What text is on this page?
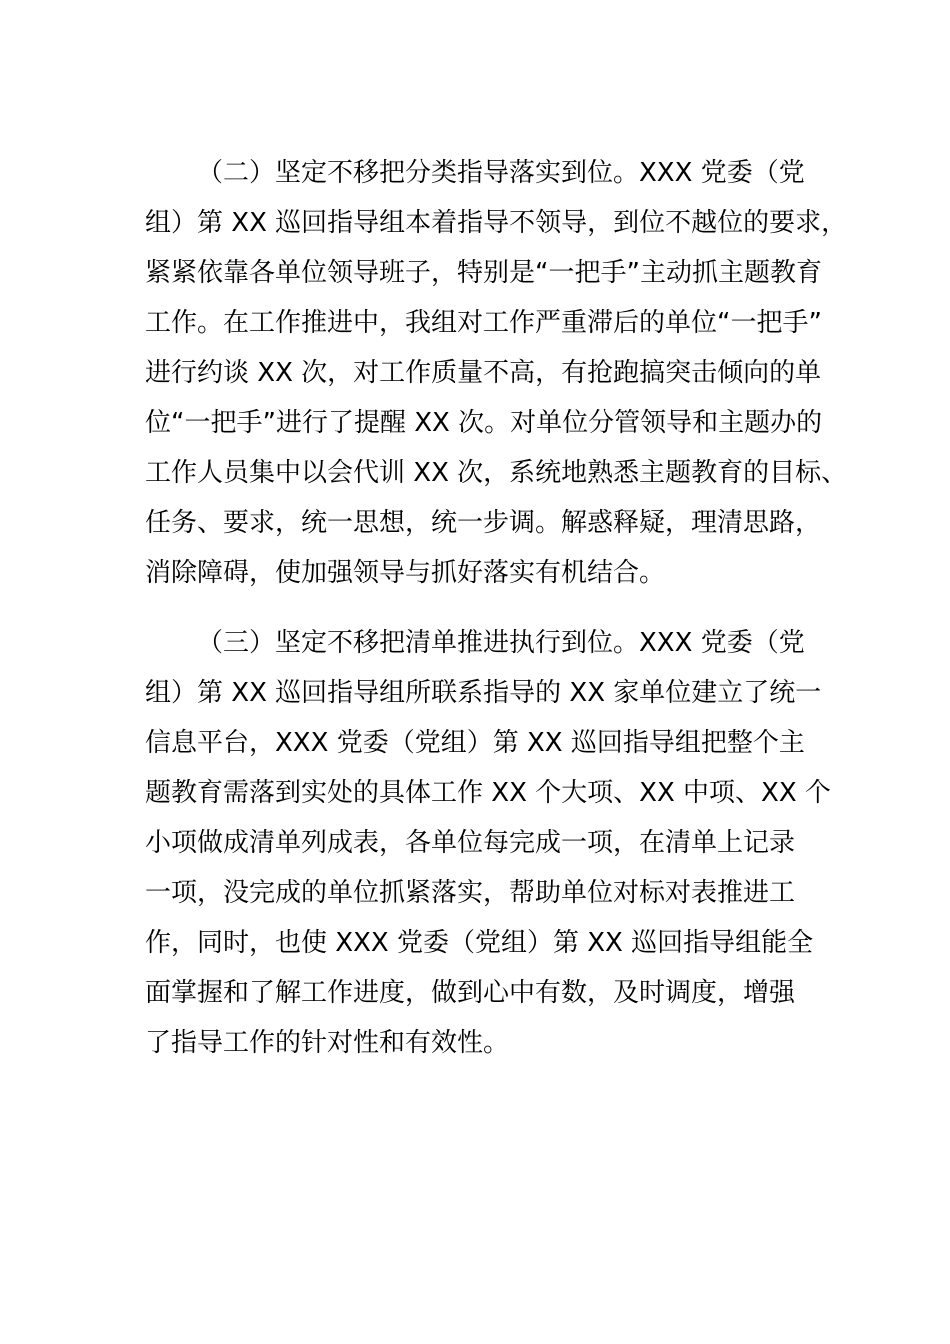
（二）坚定不移把分类指导落实到位。XXX 党委（党
组）第 XX 巡回指导组本着指导不领导，到位不越位的要求，
紧紧依靠各单位领导班子，特别是“一把手”主动抓主题教育
工作。在工作推进中，我组对工作严重滞后的单位“一把手”
进行约谈 XX 次，对工作质量不高，有抢跑搞突击倾向的单
位“一把手”进行了提醒 XX 次。对单位分管领导和主题办的
工作人员集中以会代训 XX 次，系统地熟悉主题教育的目标、
任务、要求，统一思想，统一步调。解惑释疑，理清思路，
消除障碍，使加强领导与抓好落实有机结合。
（三）坚定不移把清单推进执行到位。XXX 党委（党
组）第 XX 巡回指导组所联系指导的 XX 家单位建立了统一
信息平台，XXX 党委（党组）第 XX 巡回指导组把整个主
题教育需落到实处的具体工作 XX 个大项、XX 中项、XX 个
小项做成清单列成表，各单位每完成一项，在清单上记录
一项，没完成的单位抓紧落实，帮助单位对标对表推进工
作，同时，也使 XXX 党委（党组）第 XX 巡回指导组能全
面掌握和了解工作进度，做到心中有数，及时调度，增强
了指导工作的针对性和有效性。
